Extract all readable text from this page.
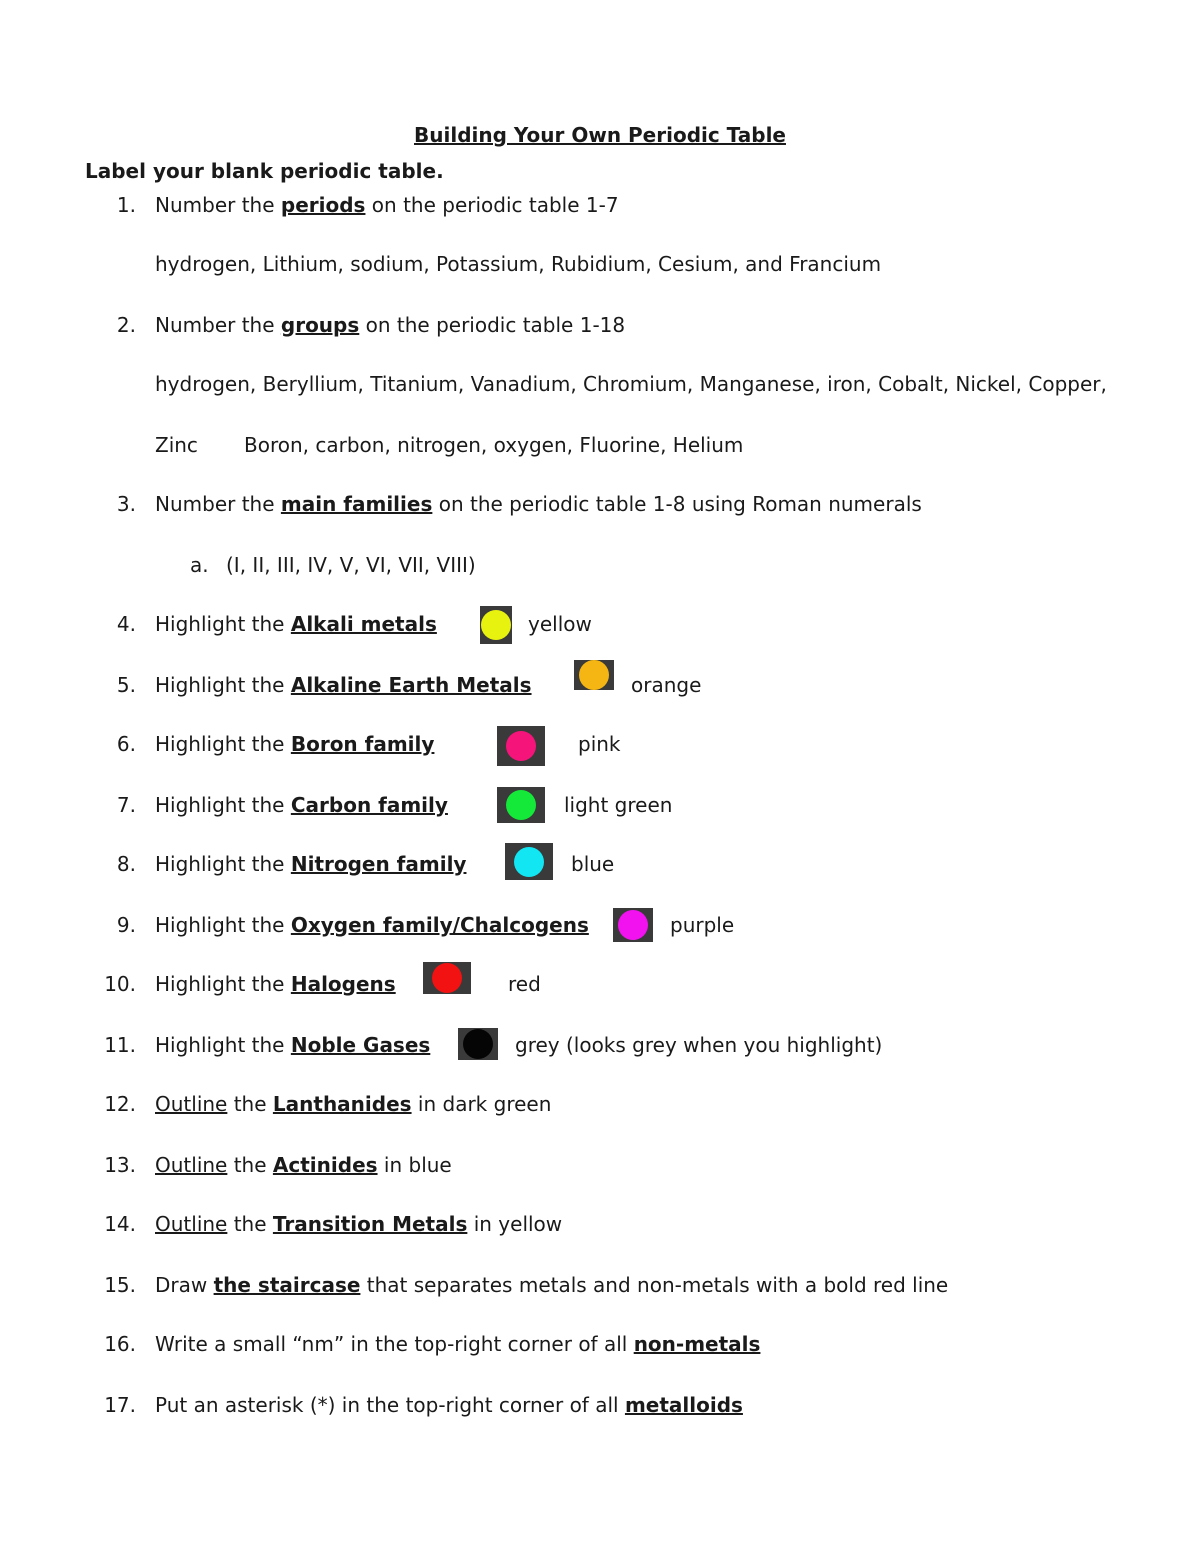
Building Your Own Periodic Table
Label your blank periodic table.
1. Number the periods on the periodic table 1-7
hydrogen, Lithium, sodium, Potassium, Rubidium, Cesium, and Francium
2. Number the groups on the periodic table 1-18
hydrogen, Beryllium, Titanium, Vanadium, Chromium, Manganese, iron, Cobalt, Nickel, Copper,
Zinc Boron, carbon, nitrogen, oxygen, Fluorine, Helium
3. Number the main families on the periodic table 1-8 using Roman numerals
a. (I, II, III, IV, V, VI, VII, VIII)
4. Highlight the Alkali metals	yellow
5. Highlight the Alkaline Earth Metals	orange
6. Highlight the Boron family	pink
7. Highlight the Carbon family	light green
8. Highlight the Nitrogen family	blue
9. Highlight the Oxygen family/Chalcogens	purple
10. Highlight the Halogens	red
11. Highlight the Noble Gases	grey (looks grey when you highlight)
12. Outline the Lanthanides in dark green
13. Outline the Actinides in blue
14. Outline the Transition Metals in yellow
15. Draw the staircase that separates metals and non-metals with a bold red line
16. Write a small “nm” in the top-right corner of all non-metals
17. Put an asterisk (*) in the top-right corner of all metalloids
